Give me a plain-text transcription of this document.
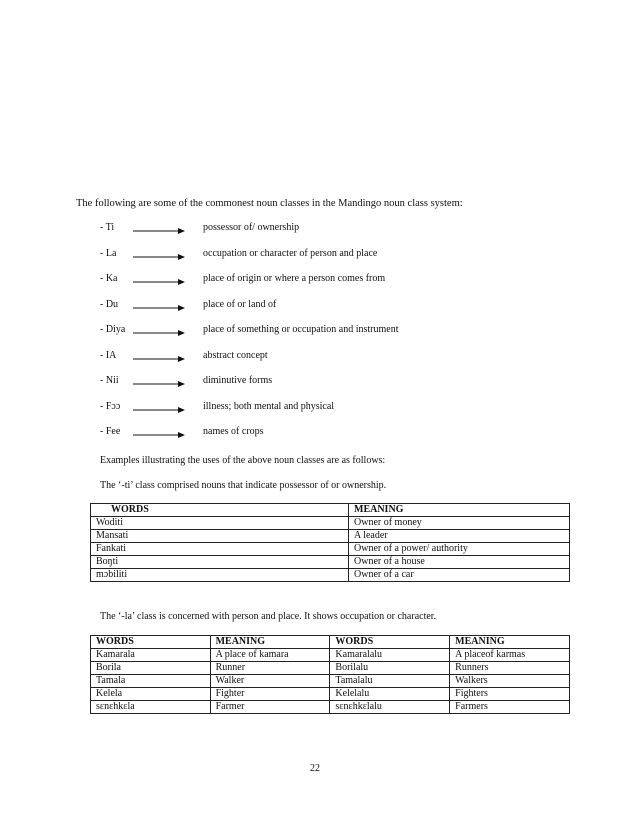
The following are some of the commonest noun classes in the Mandingo noun class system:
- Ti	possessor of/ ownership
- La	occupation or character of person and place
- Ka	place of origin or where a person comes from
- Du	place of or land of
- Diya	place of something or occupation and instrument
- IA	abstract concept
- Nii	diminutive forms
- Fɔɔ	illness; both mental and physical
- Fee	names of crops
Examples illustrating the uses of the above noun classes are as follows:
The ‘-ti’ class comprised nouns that indicate possessor of or ownership.
WORDS	MEANING
Woditi	Owner of money
Mansati	A leader
Fankati	Owner of a power/ authority
Boŋti	Owner of a house
mɔbiliti	Owner of a car
The ‘-la’ class is concerned with person and place. It shows occupation or character.
WORDS	MEANING	WORDS	MEANING
Kamarala	A place of kamara	Kamaralalu	A placeof karmas
Borila	Runner	Borilalu	Runners
Tamala	Walker	Tamalalu	Walkers
Kelela	Fighter	Kelelalu	Fighters
sɛnɛhkɛla	Farmer	sɛnɛhkɛlalu	Farmers
22
